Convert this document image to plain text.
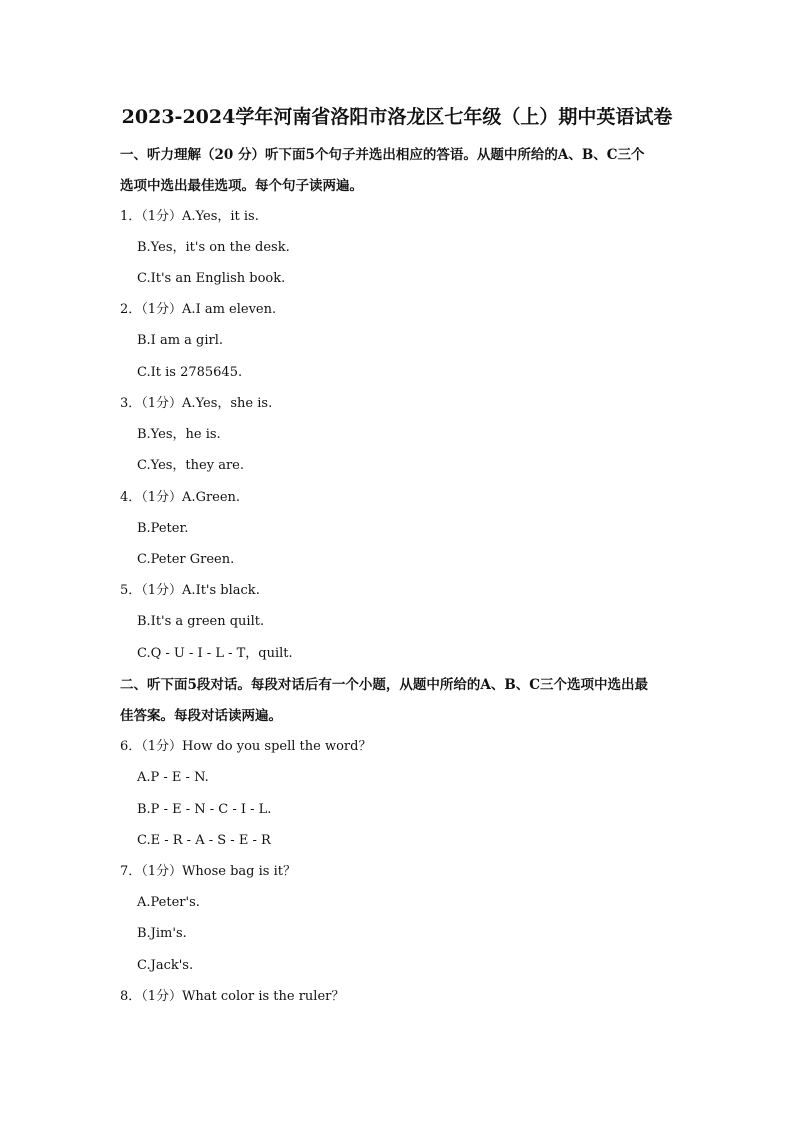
2023-2024学年河南省洛阳市洛龙区七年级（上）期中英语试卷
一、听力理解（20 分）听下面5个句子并选出相应的答语。从题中所给的A、B、C三个
选项中选出最佳选项。每个句子读两遍。
1．（1分）A.Yes，it is.
B.Yes，it's on the desk.
C.It's an English book.
2．（1分）A.I am eleven.
B.I am a girl.
C.It is 2785645.
3．（1分）A.Yes，she is.
B.Yes，he is.
C.Yes，they are.
4．（1分）A.Green.
B.Peter.
C.Peter Green.
5．（1分）A.It's black.
B.It's a green quilt.
C.Q - U - I - L - T，quilt.
二、听下面5段对话。每段对话后有一个小题，从题中所给的A、B、C三个选项中选出最
佳答案。每段对话读两遍。
6．（1分）How do you spell the word？
A.P - E - N.
B.P - E - N - C - I - L.
C.E - R - A - S - E - R
7．（1分）Whose bag is it？
A.Peter's.
B.Jim's.
C.Jack's.
8．（1分）What color is the ruler？
